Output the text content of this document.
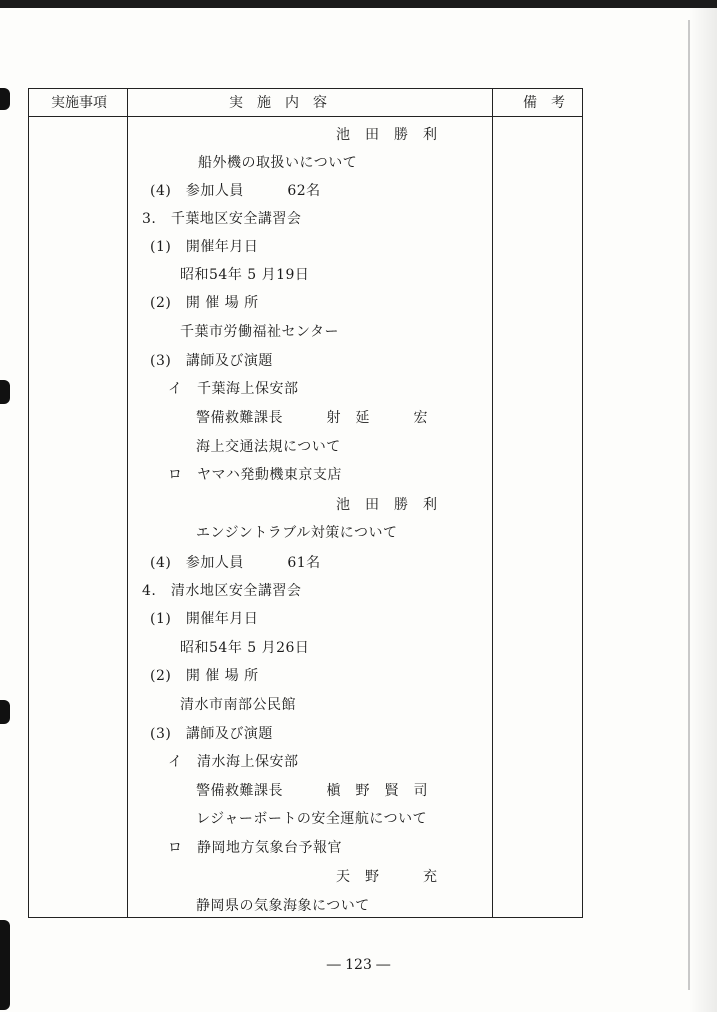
実施事項	実　施　内　容	備　考
池　田　勝　利
船外機の取扱いについて
(4)　参加人員　　　62名
3.　千葉地区安全講習会
(1)　開催年月日
昭和54年 5 月19日
(2)　開 催 場 所
千葉市労働福祉センター
(3)　講師及び演題
イ　千葉海上保安部
警備救難課長　　　射　延　　　宏
海上交通法規について
ロ　ヤマハ発動機東京支店
池　田　勝　利
エンジントラブル対策について
(4)　参加人員　　　61名
4.　清水地区安全講習会
(1)　開催年月日
昭和54年 5 月26日
(2)　開 催 場 所
清水市南部公民館
(3)　講師及び演題
イ　清水海上保安部
警備救難課長　　　槇　野　賢　司
レジャーボートの安全運航について
ロ　静岡地方気象台予報官
天　野　　　充
静岡県の気象海象について
― 123 ―
